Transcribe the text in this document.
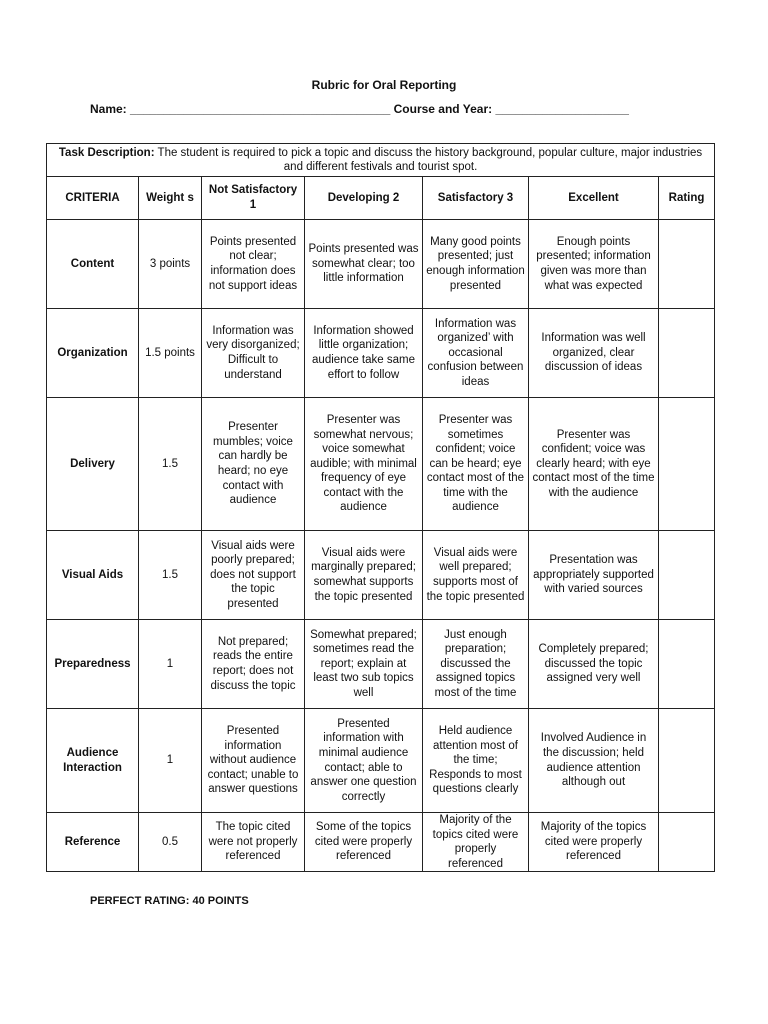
Rubric for Oral Reporting
Name: _______________________________________ Course and Year: ____________________
Task Description: The student is required to pick a topic and discuss the history background, popular culture, major industries and different festivals and tourist spot.						
CRITERIA	Weight s	Not Satisfactory 1	Developing 2	Satisfactory 3	Excellent	Rating
Content	3 points	Points presented not clear; information does not support ideas	Points presented was somewhat clear; too little information	Many good points presented; just enough information presented	Enough points presented; information given was more than what was expected	
Organization	1.5 points	Information was very disorganized; Difficult to understand	Information showed little organization; audience take same effort to follow	Information was organized’ with occasional confusion between ideas	Information was well organized, clear discussion of ideas	
Delivery	1.5	Presenter mumbles; voice can hardly be heard; no eye contact with audience	Presenter was somewhat nervous; voice somewhat audible; with minimal frequency of eye contact with the audience	Presenter was sometimes confident; voice can be heard; eye contact most of the time with the audience	Presenter was confident; voice was clearly heard; with eye contact most of the time with the audience	
Visual Aids	1.5	Visual aids were poorly prepared; does not support the topic presented	Visual aids were marginally prepared; somewhat supports the topic presented	Visual aids were well prepared; supports most of the topic presented	Presentation was appropriately supported with varied sources	
Preparedness	1	Not prepared; reads the entire report; does not discuss the topic	Somewhat prepared; sometimes read the report; explain at least two sub topics well	Just enough preparation; discussed the assigned topics most of the time	Completely prepared; discussed the topic assigned very well	
Audience Interaction	1	Presented information without audience contact; unable to answer questions	Presented information with minimal audience contact; able to answer one question correctly	Held audience attention most of the time; Responds to most questions clearly	Involved Audience in the discussion; held audience attention although out	
Reference	0.5	The topic cited were not properly referenced	Some of the topics cited were properly referenced	Majority of the topics cited were properly referenced	Majority of the topics cited were properly referenced	
PERFECT RATING: 40 POINTS
